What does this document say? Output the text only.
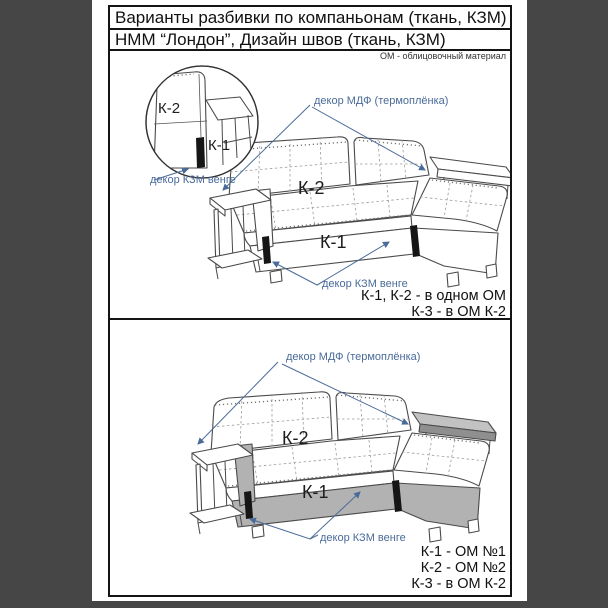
Варианты разбивки по компаньонам (ткань, КЗМ)
НММ “Лондон”, Дизайн швов (ткань, КЗМ)
ОМ - облицовочный материал
декор МДФ (термоплёнка)
декор КЗМ венге
декор КЗМ венге
К-2
К-1
К-2
К-1
К-1, К-2 - в одном ОМ
К-3 - в ОМ К-2
декор МДФ (термоплёнка)
декор КЗМ венге
К-2
К-1
К-1 - ОМ №1
К-2 - ОМ №2
К-3 - в ОМ К-2
